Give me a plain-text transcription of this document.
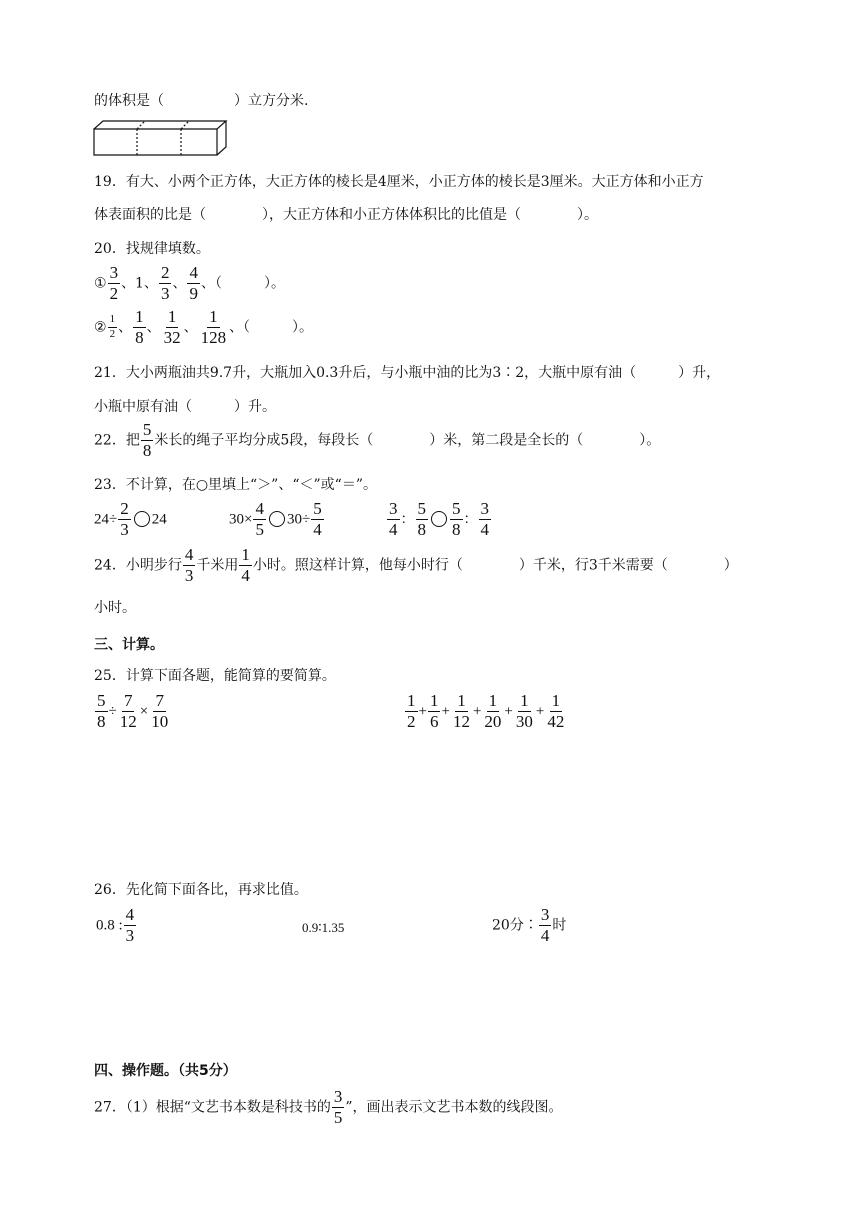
的体积是（　　　　　）立方分米.
19．有大、小两个正方体，大正方体的棱长是4厘米，小正方体的棱长是3厘米。大正方体和小正方
体表面积的比是（　　　　），大正方体和小正方体体积比的比值是（　　　　）。
20．找规律填数。
① $\frac{3}{2}$ 、1、 $\frac{2}{3}$ 、 $\frac{4}{9}$ 、（　　　）。
② $\frac{1}{2}$ 、 $\frac{1}{8}$ 、 $\frac{1}{32}$ 、 $\frac{1}{128}$ 、（　　　）。
21．大小两瓶油共9.7升，大瓶加入0.3升后，与小瓶中油的比为3∶2，大瓶中原有油（　　　）升，
小瓶中原有油（　　　）升。
22．把 $\frac{5}{8}$ 米长的绳子平均分成5段，每段长（　　　　）米，第二段是全长的（　　　　）。
23．不计算，在○里填上“＞”、“＜”或“＝”。
$24\div \frac{2}{3} 24$	$30\times \frac{4}{5} 30\div \frac{5}{4}$	$\frac{3}{4}$ ： $\frac{5}{8} \frac{5}{8}$ ： $\frac{3}{4}$
24．小明步行 $\frac{4}{3}$ 千米用 $\frac{1}{4}$ 小时。照这样计算，他每小时行（　　　　）千米，行3千米需要（　　　　）
小时。
三、计算。
25．计算下面各题，能简算的要简算。
$\frac{5}{8} \div \frac{7}{12} \times \frac{7}{10}$	$\frac{1}{2} + \frac{1}{6} + \frac{1}{12} + \frac{1}{20} + \frac{1}{30} + \frac{1}{42}$
26．先化简下面各比，再求比值。
0.8 : $\frac{4}{3}$	0.9∶1.35	20分∶ $\frac{3}{4}$ 时
四、操作题。（共5分）
27．（1）根据“文艺书本数是科技书的 $\frac{3}{5}$ ”，画出表示文艺书本数的线段图。
